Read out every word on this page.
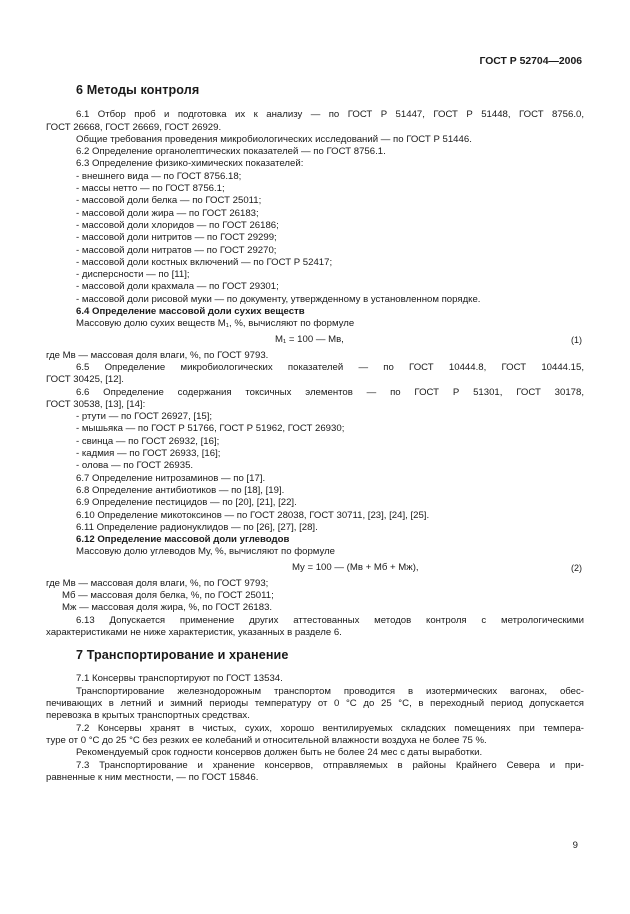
ГОСТ Р 52704—2006
6 Методы контроля

6.1 Отбор проб и подготовка их к анализу — по ГОСТ Р 51447, ГОСТ Р 51448, ГОСТ 8756.0,

ГОСТ 26668, ГОСТ 26669, ГОСТ 26929.

Общие требования проведения микробиологических исследований — по ГОСТ Р 51446.

6.2 Определение органолептических показателей — по ГОСТ 8756.1.

6.3 Определение физико-химических показателей:

- внешнего вида — по ГОСТ 8756.18;

- массы нетто — по ГОСТ 8756.1;

- массовой доли белка — по ГОСТ 25011;

- массовой доли жира — по ГОСТ 26183;

- массовой доли хлоридов — по ГОСТ 26186;

- массовой доли нитритов — по ГОСТ 29299;

- массовой доли нитратов — по ГОСТ 29270;

- массовой доли костных включений — по ГОСТ Р 52417;

- дисперсности — по [11];

- массовой доли крахмала — по ГОСТ 29301;

- массовой доли рисовой муки — по документу, утвержденному в установленном порядке.

6.4 Определение массовой доли сухих веществ

Массовую долю сухих веществ M₁, %, вычисляют по формуле

M₁ = 100 — Mв,	(1)

где Mв — массовая доля влаги, %, по ГОСТ 9793.

6.5 Определение микробиологических показателей — по ГОСТ 10444.8, ГОСТ 10444.15,

ГОСТ 30425, [12].

6.6 Определение содержания токсичных элементов — по ГОСТ Р 51301, ГОСТ 30178,

ГОСТ 30538, [13], [14]:

- ртути — по ГОСТ 26927, [15];

- мышьяка — по ГОСТ Р 51766, ГОСТ Р 51962, ГОСТ 26930;

- свинца — по ГОСТ 26932, [16];

- кадмия — по ГОСТ 26933, [16];

- олова — по ГОСТ 26935.

6.7 Определение нитрозаминов — по [17].

6.8 Определение антибиотиков — по [18], [19].

6.9 Определение пестицидов — по [20], [21], [22].

6.10 Определение микотоксинов — по ГОСТ 28038, ГОСТ 30711, [23], [24], [25].

6.11 Определение радионуклидов — по [26], [27], [28].

6.12 Определение массовой доли углеводов

Массовую долю углеводов Mу, %, вычисляют по формуле

Mу = 100 — (Mв + Mб + Mж),	(2)

где Mв — массовая доля влаги, %, по ГОСТ 9793;

Mб — массовая доля белка, %, по ГОСТ 25011;

Mж — массовая доля жира, %, по ГОСТ 26183.

6.13 Допускается применение других аттестованных методов контроля с метрологическими

характеристиками не ниже характеристик, указанных в разделе 6.

7 Транспортирование и хранение

7.1 Консервы транспортируют по ГОСТ 13534.

Транспортирование железнодорожным транспортом проводится в изотермических вагонах, обес-

печивающих в летний и зимний периоды температуру от 0 °С до 25 °С, в переходный период допускается

перевозка в крытых транспортных средствах.

7.2 Консервы хранят в чистых, сухих, хорошо вентилируемых складских помещениях при темпера-

туре от 0 °С до 25 °С без резких ее колебаний и относительной влажности воздуха не более 75 %.

Рекомендуемый срок годности консервов должен быть не более 24 мес с даты выработки.

7.3 Транспортирование и хранение консервов, отправляемых в районы Крайнего Севера и при-

равненные к ним местности, — по ГОСТ 15846.

9
